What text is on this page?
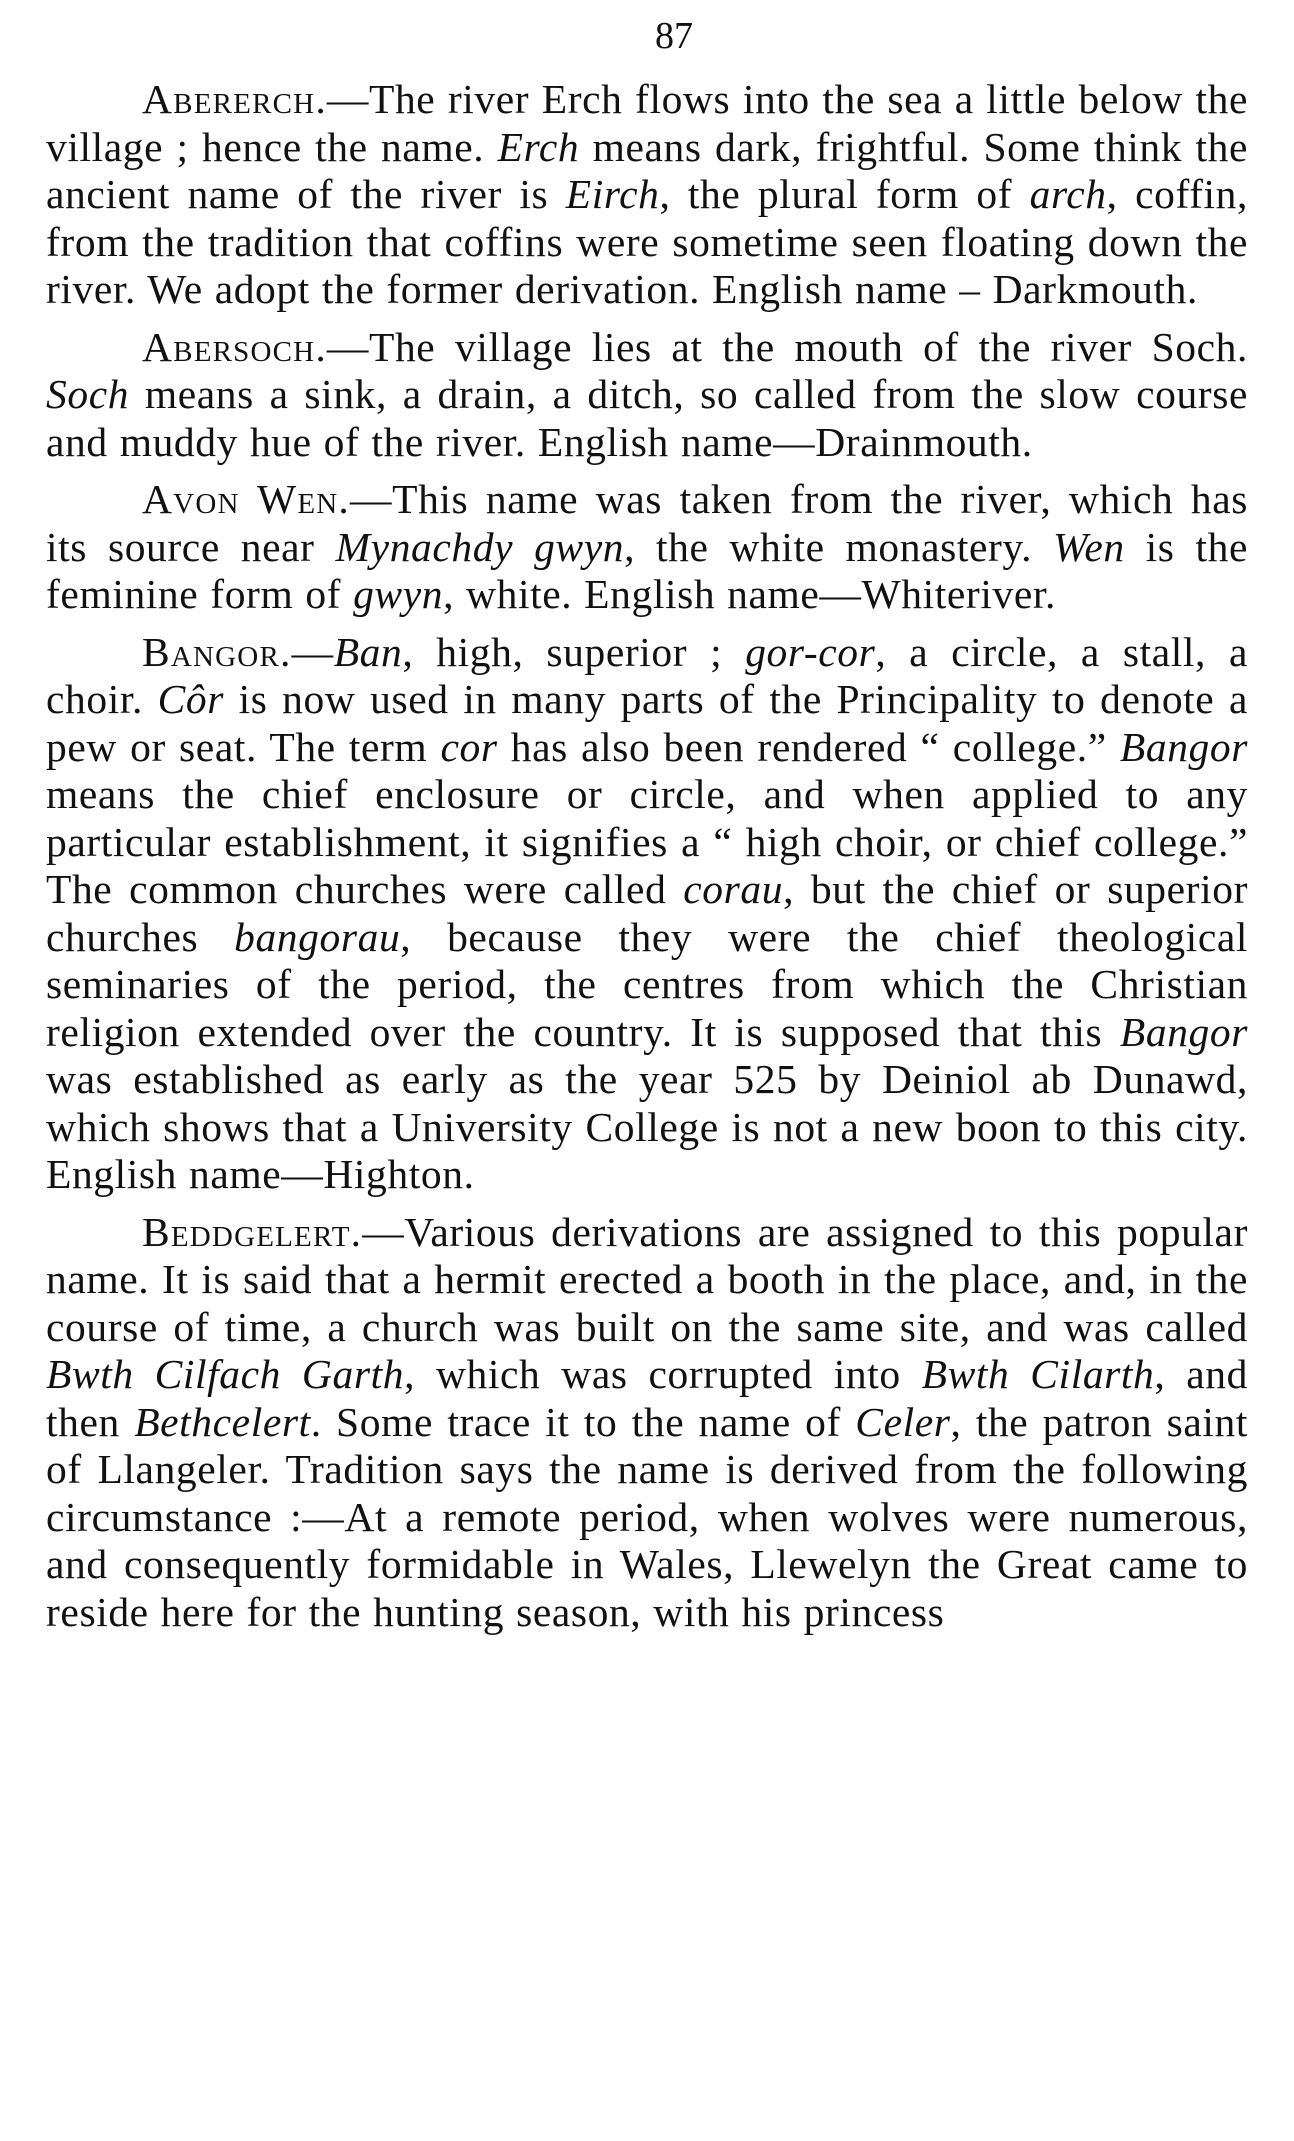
87

Abererch.—The river Erch flows into the sea a little below the village ; hence the name. Erch means dark, frightful. Some think the ancient name of the river is Eirch, the plural form of arch, coffin, from the tradition that coffins were sometime seen floating down the river. We adopt the former derivation. English name – Darkmouth.

Abersoch.—The village lies at the mouth of the river Soch. Soch means a sink, a drain, a ditch, so called from the slow course and muddy hue of the river. English name—Drainmouth.

Avon Wen.—This name was taken from the river, which has its source near Mynachdy gwyn, the white monastery. Wen is the feminine form of gwyn, white. English name—Whiteriver.

Bangor.—Ban, high, superior ; gor-cor, a circle, a stall, a choir. Côr is now used in many parts of the Principality to denote a pew or seat. The term cor has also been rendered “ college.” Bangor means the chief enclosure or circle, and when applied to any particular establishment, it signifies a “ high choir, or chief college.” The common churches were called corau, but the chief or superior churches bangorau, because they were the chief theological seminaries of the period, the centres from which the Christian religion extended over the country. It is supposed that this Bangor was established as early as the year 525 by Deiniol ab Dunawd, which shows that a University College is not a new boon to this city. English name—Highton.

Beddgelert.—Various derivations are assigned to this popular name. It is said that a hermit erected a booth in the place, and, in the course of time, a church was built on the same site, and was called Bwth Cilfach Garth, which was corrupted into Bwth Cilarth, and then Bethcelert. Some trace it to the name of Celer, the patron saint of Llangeler. Tradition says the name is derived from the following circumstance :—At a remote period, when wolves were numerous, and consequently formidable in Wales, Llewelyn the Great came to reside here for the hunting season, with his princess
